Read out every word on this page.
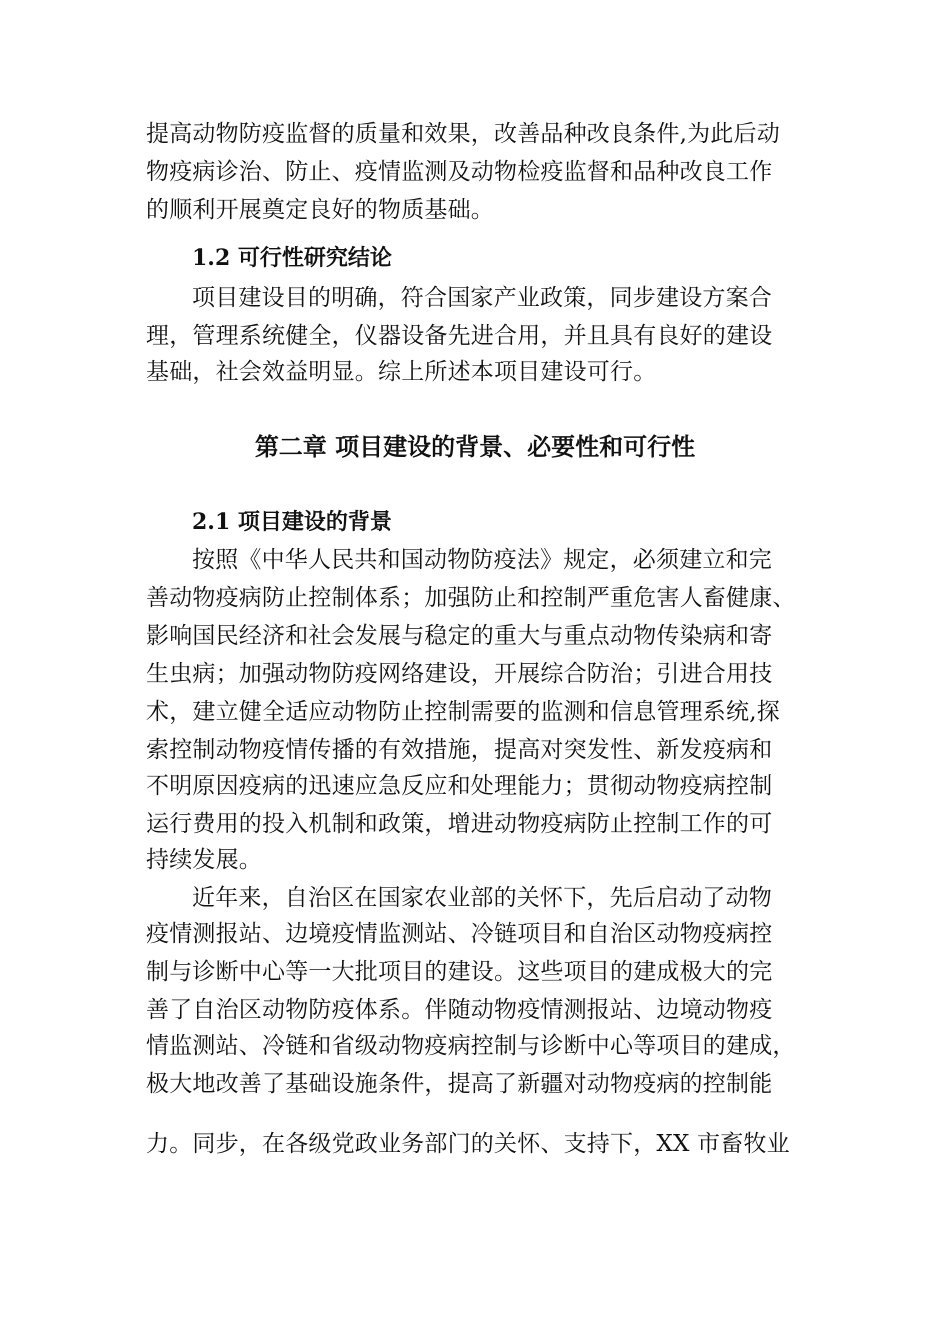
提高动物防疫监督的质量和效果，改善品种改良条件,为此后动
物疫病诊治、防止、疫情监测及动物检疫监督和品种改良工作
的顺利开展奠定良好的物质基础。
1.2 可行性研究结论
项目建设目的明确，符合国家产业政策，同步建设方案合
理，管理系统健全，仪器设备先进合用，并且具有良好的建设
基础，社会效益明显。综上所述本项目建设可行。
第二章 项目建设的背景、必要性和可行性
2.1 项目建设的背景
按照《中华人民共和国动物防疫法》规定，必须建立和完
善动物疫病防止控制体系；加强防止和控制严重危害人畜健康、
影响国民经济和社会发展与稳定的重大与重点动物传染病和寄
生虫病；加强动物防疫网络建设，开展综合防治；引进合用技
术，建立健全适应动物防止控制需要的监测和信息管理系统,探
索控制动物疫情传播的有效措施，提高对突发性、新发疫病和
不明原因疫病的迅速应急反应和处理能力；贯彻动物疫病控制
运行费用的投入机制和政策，增进动物疫病防止控制工作的可
持续发展。
近年来，自治区在国家农业部的关怀下，先后启动了动物
疫情测报站、边境疫情监测站、冷链项目和自治区动物疫病控
制与诊断中心等一大批项目的建设。这些项目的建成极大的完
善了自治区动物防疫体系。伴随动物疫情测报站、边境动物疫
情监测站、冷链和省级动物疫病控制与诊断中心等项目的建成，
极大地改善了基础设施条件，提高了新疆对动物疫病的控制能
力。同步，在各级党政业务部门的关怀、支持下，XX 市畜牧业
